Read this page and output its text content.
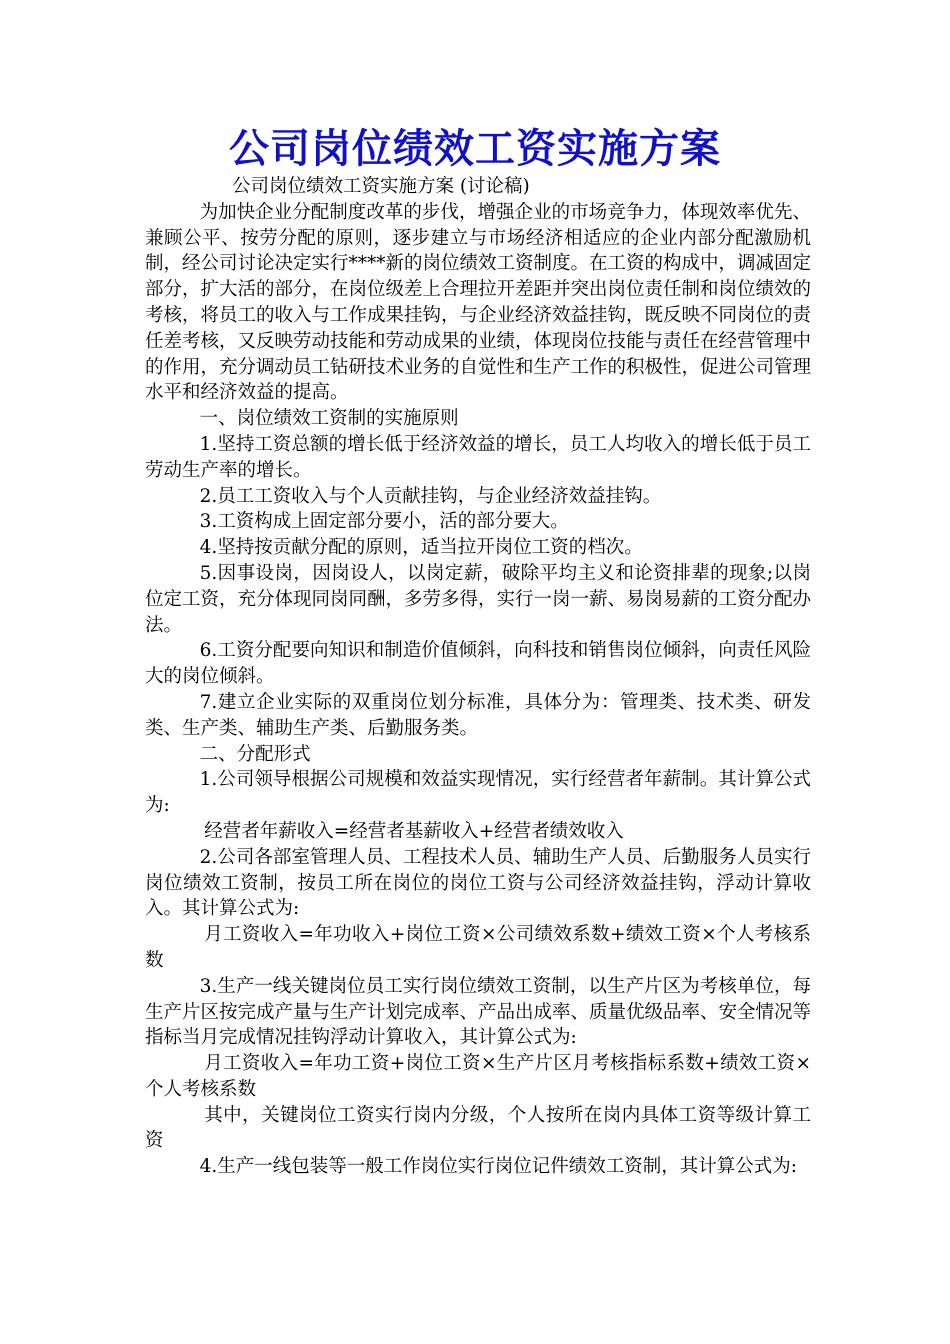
公司岗位绩效工资实施方案

公司岗位绩效工资实施方案 (讨论稿)

为加快企业分配制度改革的步伐，增强企业的市场竞争力，体现效率优先、兼顾公平、按劳分配的原则，逐步建立与市场经济相适应的企业内部分配激励机制，经公司讨论决定实行****新的岗位绩效工资制度。在工资的构成中，调减固定部分，扩大活的部分，在岗位级差上合理拉开差距并突出岗位责任制和岗位绩效的考核，将员工的收入与工作成果挂钩，与企业经济效益挂钩，既反映不同岗位的责任差考核，又反映劳动技能和劳动成果的业绩，体现岗位技能与责任在经营管理中的作用，充分调动员工钻研技术业务的自觉性和生产工作的积极性，促进公司管理水平和经济效益的提高。

一、岗位绩效工资制的实施原则

1.坚持工资总额的增长低于经济效益的增长，员工人均收入的增长低于员工劳动生产率的增长。

2.员工工资收入与个人贡献挂钩，与企业经济效益挂钩。

3.工资构成上固定部分要小，活的部分要大。

4.坚持按贡献分配的原则，适当拉开岗位工资的档次。

5.因事设岗，因岗设人，以岗定薪，破除平均主义和论资排辈的现象;以岗位定工资，充分体现同岗同酬，多劳多得，实行一岗一薪、易岗易薪的工资分配办法。

6.工资分配要向知识和制造价值倾斜，向科技和销售岗位倾斜，向责任风险大的岗位倾斜。

7.建立企业实际的双重岗位划分标准，具体分为：管理类、技术类、研发类、生产类、辅助生产类、后勤服务类。

二、分配形式

1.公司领导根据公司规模和效益实现情况，实行经营者年薪制。其计算公式为:

经营者年薪收入=经营者基薪收入+经营者绩效收入

2.公司各部室管理人员、工程技术人员、辅助生产人员、后勤服务人员实行岗位绩效工资制，按员工所在岗位的岗位工资与公司经济效益挂钩，浮动计算收入。其计算公式为:

月工资收入=年功收入+岗位工资×公司绩效系数+绩效工资×个人考核系数

3.生产一线关键岗位员工实行岗位绩效工资制，以生产片区为考核单位，每生产片区按完成产量与生产计划完成率、产品出成率、质量优级品率、安全情况等指标当月完成情况挂钩浮动计算收入，其计算公式为:

月工资收入=年功工资+岗位工资×生产片区月考核指标系数+绩效工资×个人考核系数

其中，关键岗位工资实行岗内分级，个人按所在岗内具体工资等级计算工资

4.生产一线包装等一般工作岗位实行岗位记件绩效工资制，其计算公式为:
